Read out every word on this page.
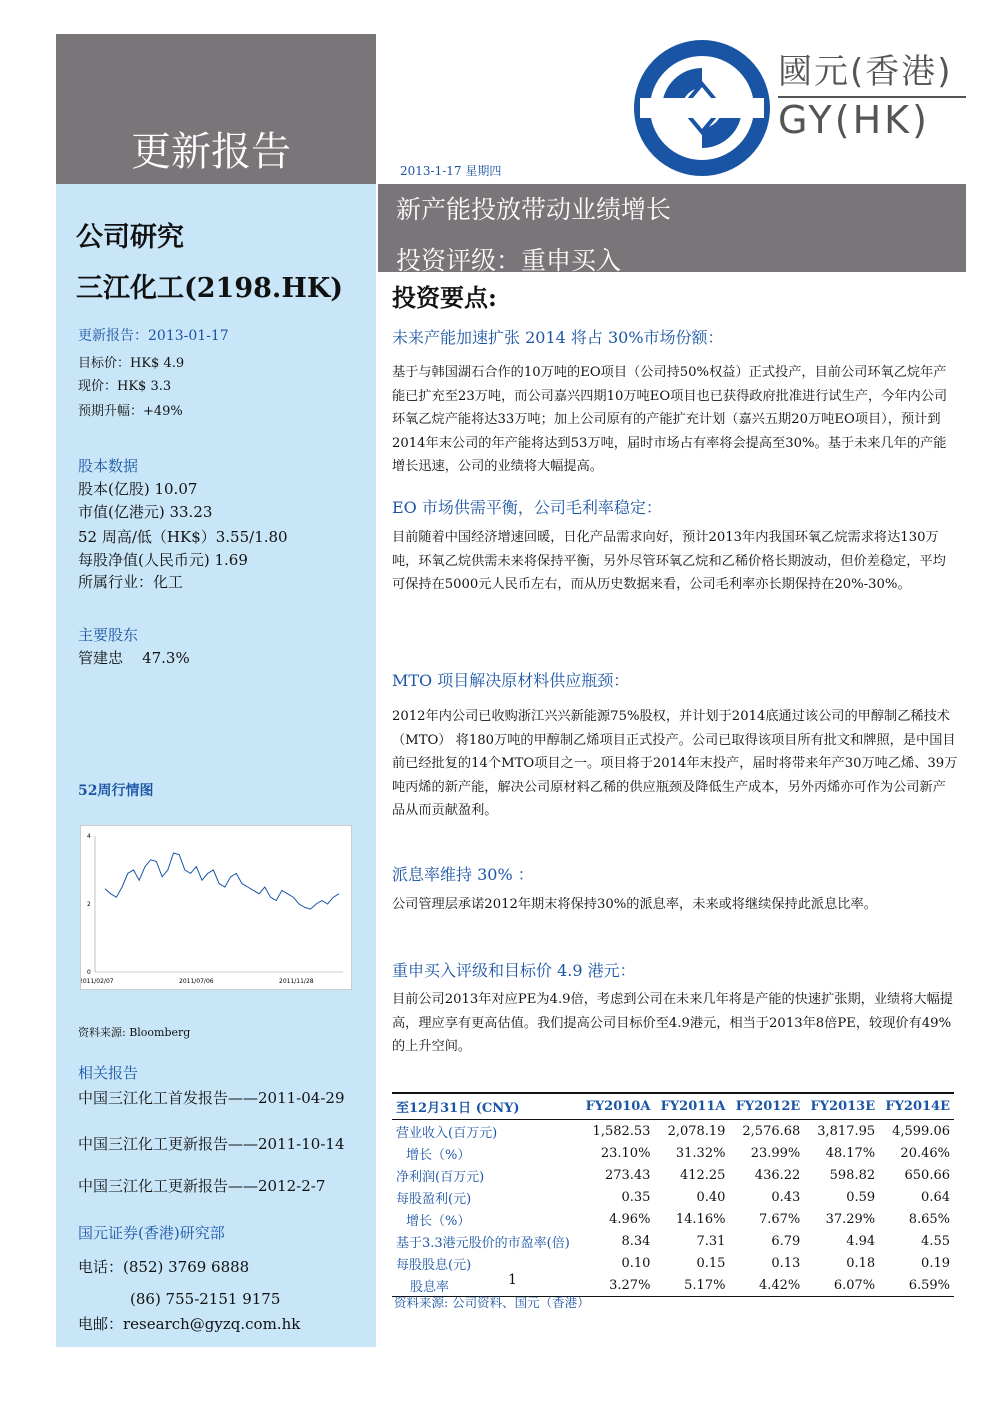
更新报告
國元(香港)
GY(HK)
2013-1-17 星期四
公司研究
三江化工(2198.HK)
更新报告：2013-01-17
目标价：HK$ 4.9
现价：HK$ 3.3
预期升幅：+49%
股本数据
股本(亿股) 10.07
市值(亿港元) 33.23
52 周高/低（HK$）3.55/1.80
每股净值(人民币元) 1.69
所属行业：化工
主要股东
管建忠    47.3%
52周行情图
0
2
4
2011/02/07	2011/07/06	2011/11/28
资料来源: Bloomberg
相关报告
中国三江化工首发报告——2011-04-29
中国三江化工更新报告——2011-10-14
中国三江化工更新报告——2012-2-7
国元证券(香港)研究部
电话：(852) 3769 6888
(86) 755-2151 9175
电邮：research@gyzq.com.hk
新产能投放带动业绩增长
投资评级：重申买入
投资要点:
未来产能加速扩张 2014 将占 30%市场份额：
基于与韩国湖石合作的10万吨的EO项目（公司持50%权益）正式投产，目前公司环氧乙烷年产能已扩充至23万吨，而公司嘉兴四期10万吨EO项目也已获得政府批准进行试生产，今年内公司环氧乙烷产能将达33万吨；加上公司原有的产能扩充计划（嘉兴五期20万吨EO项目），预计到2014年末公司的年产能将达到53万吨，届时市场占有率将会提高至30%。基于未来几年的产能增长迅速，公司的业绩将大幅提高。
EO 市场供需平衡，公司毛利率稳定：
目前随着中国经济增速回暖，日化产品需求向好，预计2013年内我国环氧乙烷需求将达130万吨，环氧乙烷供需未来将保持平衡，另外尽管环氧乙烷和乙稀价格长期波动，但价差稳定，平均可保持在5000元人民币左右，而从历史数据来看，公司毛利率亦长期保持在20%-30%。
MTO 项目解决原材料供应瓶颈：
2012年内公司已收购浙江兴兴新能源75%股权，并计划于2014底通过该公司的甲醇制乙稀技术（MTO） 将180万吨的甲醇制乙烯项目正式投产。公司已取得该项目所有批文和牌照，是中国目前已经批复的14个MTO项目之一。项目将于2014年末投产，届时将带来年产30万吨乙烯、39万吨丙烯的新产能，解决公司原材料乙稀的供应瓶颈及降低生产成本，另外丙烯亦可作为公司新产品从而贡献盈利。
派息率维持 30% ：
公司管理层承诺2012年期末将保持30%的派息率，未来或将继续保持此派息比率。
重申买入评级和目标价 4.9 港元：
目前公司2013年对应PE为4.9倍，考虑到公司在未来几年将是产能的快速扩张期，业绩将大幅提高，理应享有更高估值。我们提高公司目标价至4.9港元，相当于2013年8倍PE，较现价有49%的上升空间。
至12月31日 (CNY)	FY2010A	FY2011A	FY2012E	FY2013E	FY2014E
营业收入(百万元)	1,582.53	2,078.19	2,576.68	3,817.95	4,599.06
增长（%）	23.10%	31.32%	23.99%	48.17%	20.46%
净利润(百万元)	273.43	412.25	436.22	598.82	650.66
每股盈利(元)	0.35	0.40	0.43	0.59	0.64
增长（%）	4.96%	14.16%	7.67%	37.29%	8.65%
基于3.3港元股价的市盈率(倍)	8.34	7.31	6.79	4.94	4.55
每股股息(元)	0.10	0.15	0.13	0.18	0.19
股息率	3.27%	5.17%	4.42%	6.07%	6.59%
资料来源: 公司资料、国元（香港）
1
